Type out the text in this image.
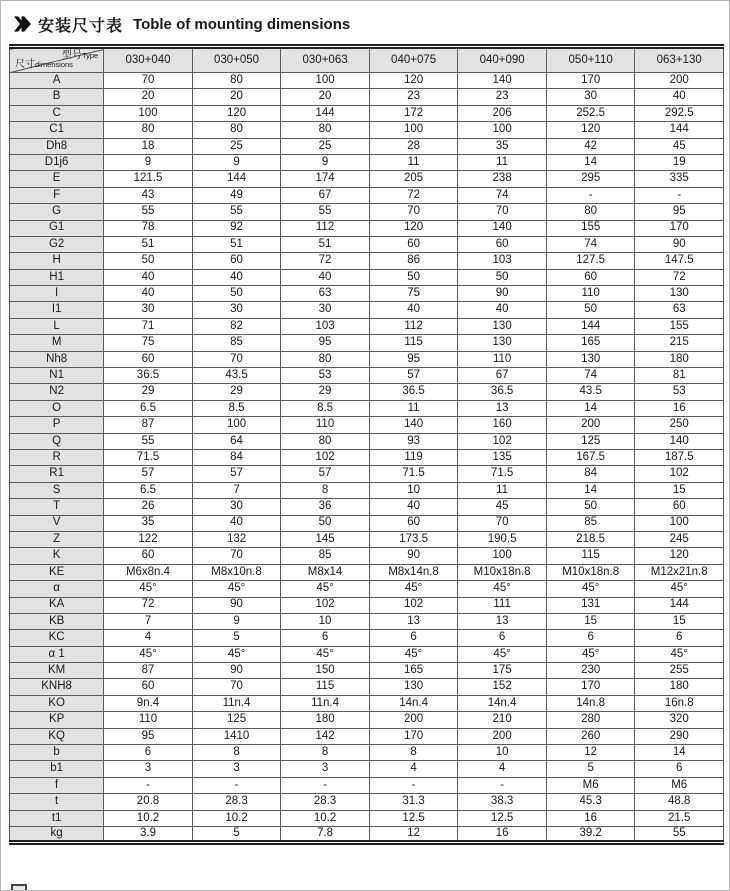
安装尺寸表 Toble of mounting dimensions
型号Type
尺寸dimensions	030+040	030+050	030+063	040+075	040+090	050+110	063+130
A	70	80	100	120	140	170	200
B	20	20	20	23	23	30	40
C	100	120	144	172	206	252.5	292.5
C1	80	80	80	100	100	120	144
Dh8	18	25	25	28	35	42	45
D1j6	9	9	9	11	11	14	19
E	121.5	144	174	205	238	295	335
F	43	49	67	72	74	-	-
G	55	55	55	70	70	80	95
G1	78	92	112	120	140	155	170
G2	51	51	51	60	60	74	90
H	50	60	72	86	103	127.5	147.5
H1	40	40	40	50	50	60	72
I	40	50	63	75	90	110	130
I1	30	30	30	40	40	50	63
L	71	82	103	112	130	144	155
M	75	85	95	115	130	165	215
Nh8	60	70	80	95	110	130	180
N1	36.5	43.5	53	57	67	74	81
N2	29	29	29	36.5	36.5	43.5	53
O	6.5	8.5	8.5	11	13	14	16
P	87	100	110	140	160	200	250
Q	55	64	80	93	102	125	140
R	71.5	84	102	119	135	167.5	187.5
R1	57	57	57	71.5	71.5	84	102
S	6.5	7	8	10	11	14	15
T	26	30	36	40	45	50	60
V	35	40	50	60	70	85	100
Z	122	132	145	173.5	190.5	218.5	245
K	60	70	85	90	100	115	120
KE	M6x8n.4	M8x10n.8	M8x14	M8x14n.8	M10x18n.8	M10x18n.8	M12x21n.8
α	45°	45°	45°	45°	45°	45°	45°
KA	72	90	102	102	111	131	144
KB	7	9	10	13	13	15	15
KC	4	5	6	6	6	6	6
α 1	45°	45°	45°	45°	45°	45°	45°
KM	87	90	150	165	175	230	255
KNH8	60	70	115	130	152	170	180
KO	9n.4	11n.4	11n.4	14n.4	14n.4	14n.8	16n.8
KP	110	125	180	200	210	280	320
KQ	95	1410	142	170	200	260	290
b	6	8	8	8	10	12	14
b1	3	3	3	4	4	5	6
f	-	-	-	-	-	M6	M6
t	20.8	28.3	28.3	31.3	38.3	45.3	48.8
t1	10.2	10.2	10.2	12.5	12.5	16	21.5
kg	3.9	5	7.8	12	16	39.2	55
